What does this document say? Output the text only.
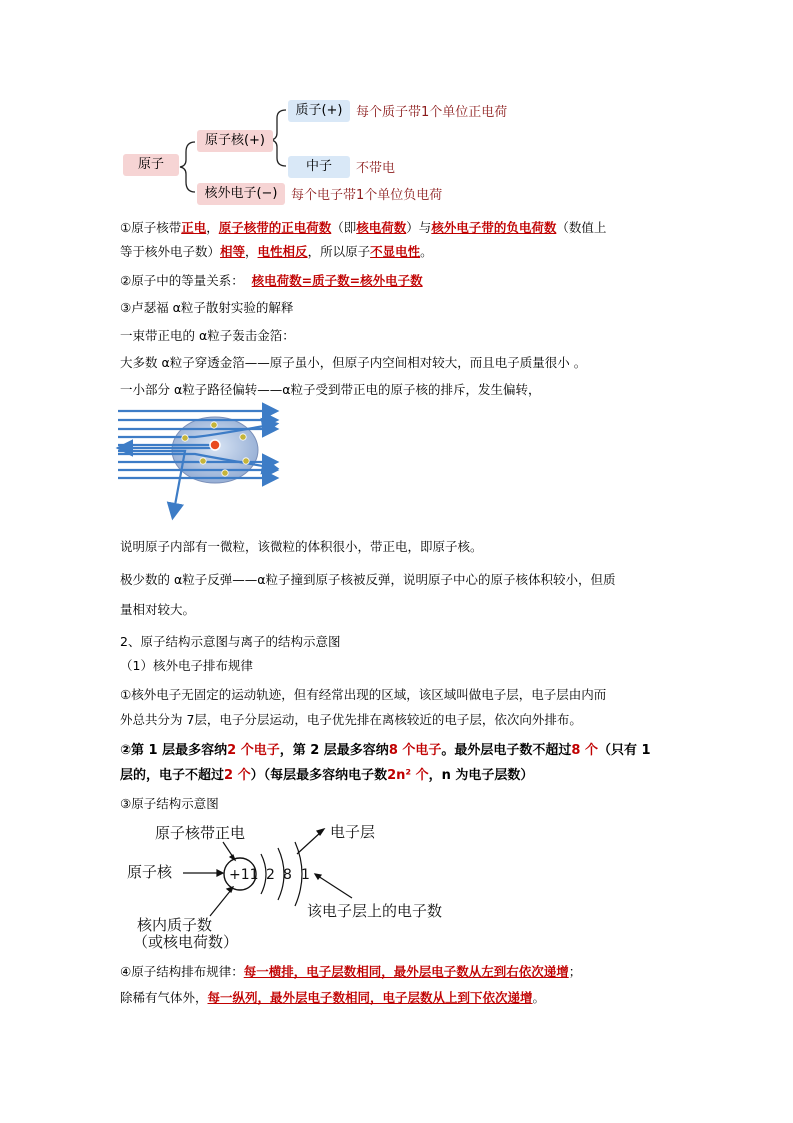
原子
原子核(+)
质子(+)	每个质子带1个单位正电荷
中子	不带电
核外电子(−)	每个电子带1个单位负电荷
①原子核带正电，原子核带的正电荷数（即核电荷数）与核外电子带的负电荷数（数值上
等于核外电子数）相等，电性相反，所以原子不显电性。
②原子中的等量关系： 核电荷数=质子数=核外电子数
③卢瑟福 α粒子散射实验的解释
一束带正电的 α粒子轰击金箔：
大多数 α粒子穿透金箔——原子虽小，但原子内空间相对较大，而且电子质量很小 。
一小部分 α粒子路径偏转——α粒子受到带正电的原子核的排斥，发生偏转，
说明原子内部有一微粒，该微粒的体积很小，带正电，即原子核。
极少数的 α粒子反弹——α粒子撞到原子核被反弹，说明原子中心的原子核体积较小，但质
量相对较大。
2、原子结构示意图与离子的结构示意图
（1）核外电子排布规律
①核外电子无固定的运动轨迹，但有经常出现的区域，该区域叫做电子层，电子层由内而
外总共分为 7层，电子分层运动，电子优先排在离核较近的电子层，依次向外排布。
②第 1 层最多容纳2 个电子，第 2 层最多容纳8 个电子。最外层电子数不超过8 个（只有 1
层的，电子不超过2 个）（每层最多容纳电子数2n² 个，n 为电子层数）
③原子结构示意图
原子核带正电	电子层
原子核
核内质子数
（或核电荷数）
该电子层上的电子数
+11 2 8 1
④原子结构排布规律：每一横排，电子层数相同，最外层电子数从左到右依次递增；
除稀有气体外，每一纵列，最外层电子数相同，电子层数从上到下依次递增。
